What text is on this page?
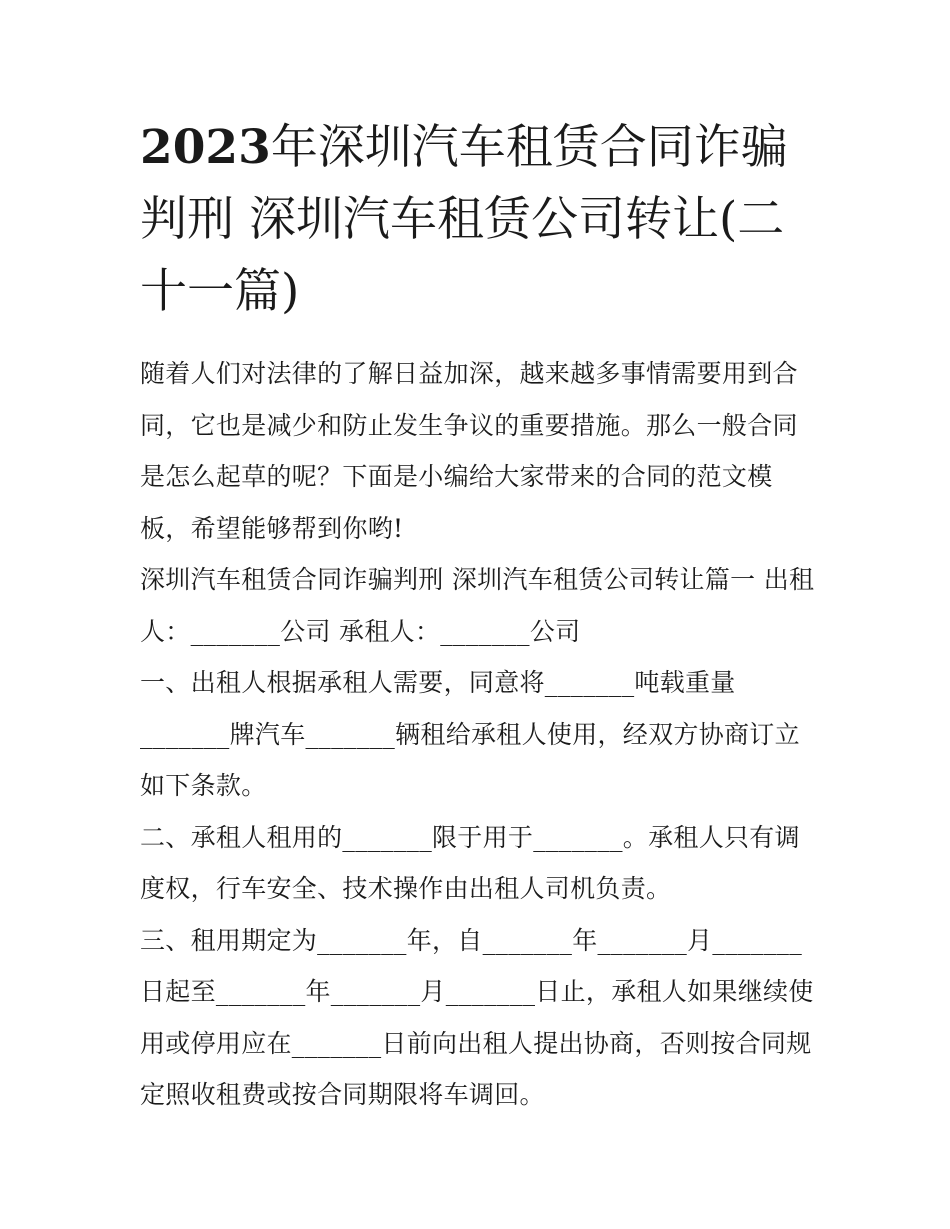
2023年深圳汽车租赁合同诈骗判刑 深圳汽车租赁公司转让(二十一篇)

随着人们对法律的了解日益加深，越来越多事情需要用到合同，它也是减少和防止发生争议的重要措施。那么一般合同是怎么起草的呢？下面是小编给大家带来的合同的范文模板，希望能够帮到你哟!

深圳汽车租赁合同诈骗判刑 深圳汽车租赁公司转让篇一 出租人：_______公司 承租人：_______公司

一、出租人根据承租人需要，同意将_______吨载重量_______牌汽车_______辆租给承租人使用，经双方协商订立如下条款。

二、承租人租用的_______限于用于_______。承租人只有调度权，行车安全、技术操作由出租人司机负责。

三、租用期定为_______年，自_______年_______月_______日起至_______年_______月_______日止，承租人如果继续使用或停用应在_______日前向出租人提出协商，否则按合同规定照收租费或按合同期限将车调回。
